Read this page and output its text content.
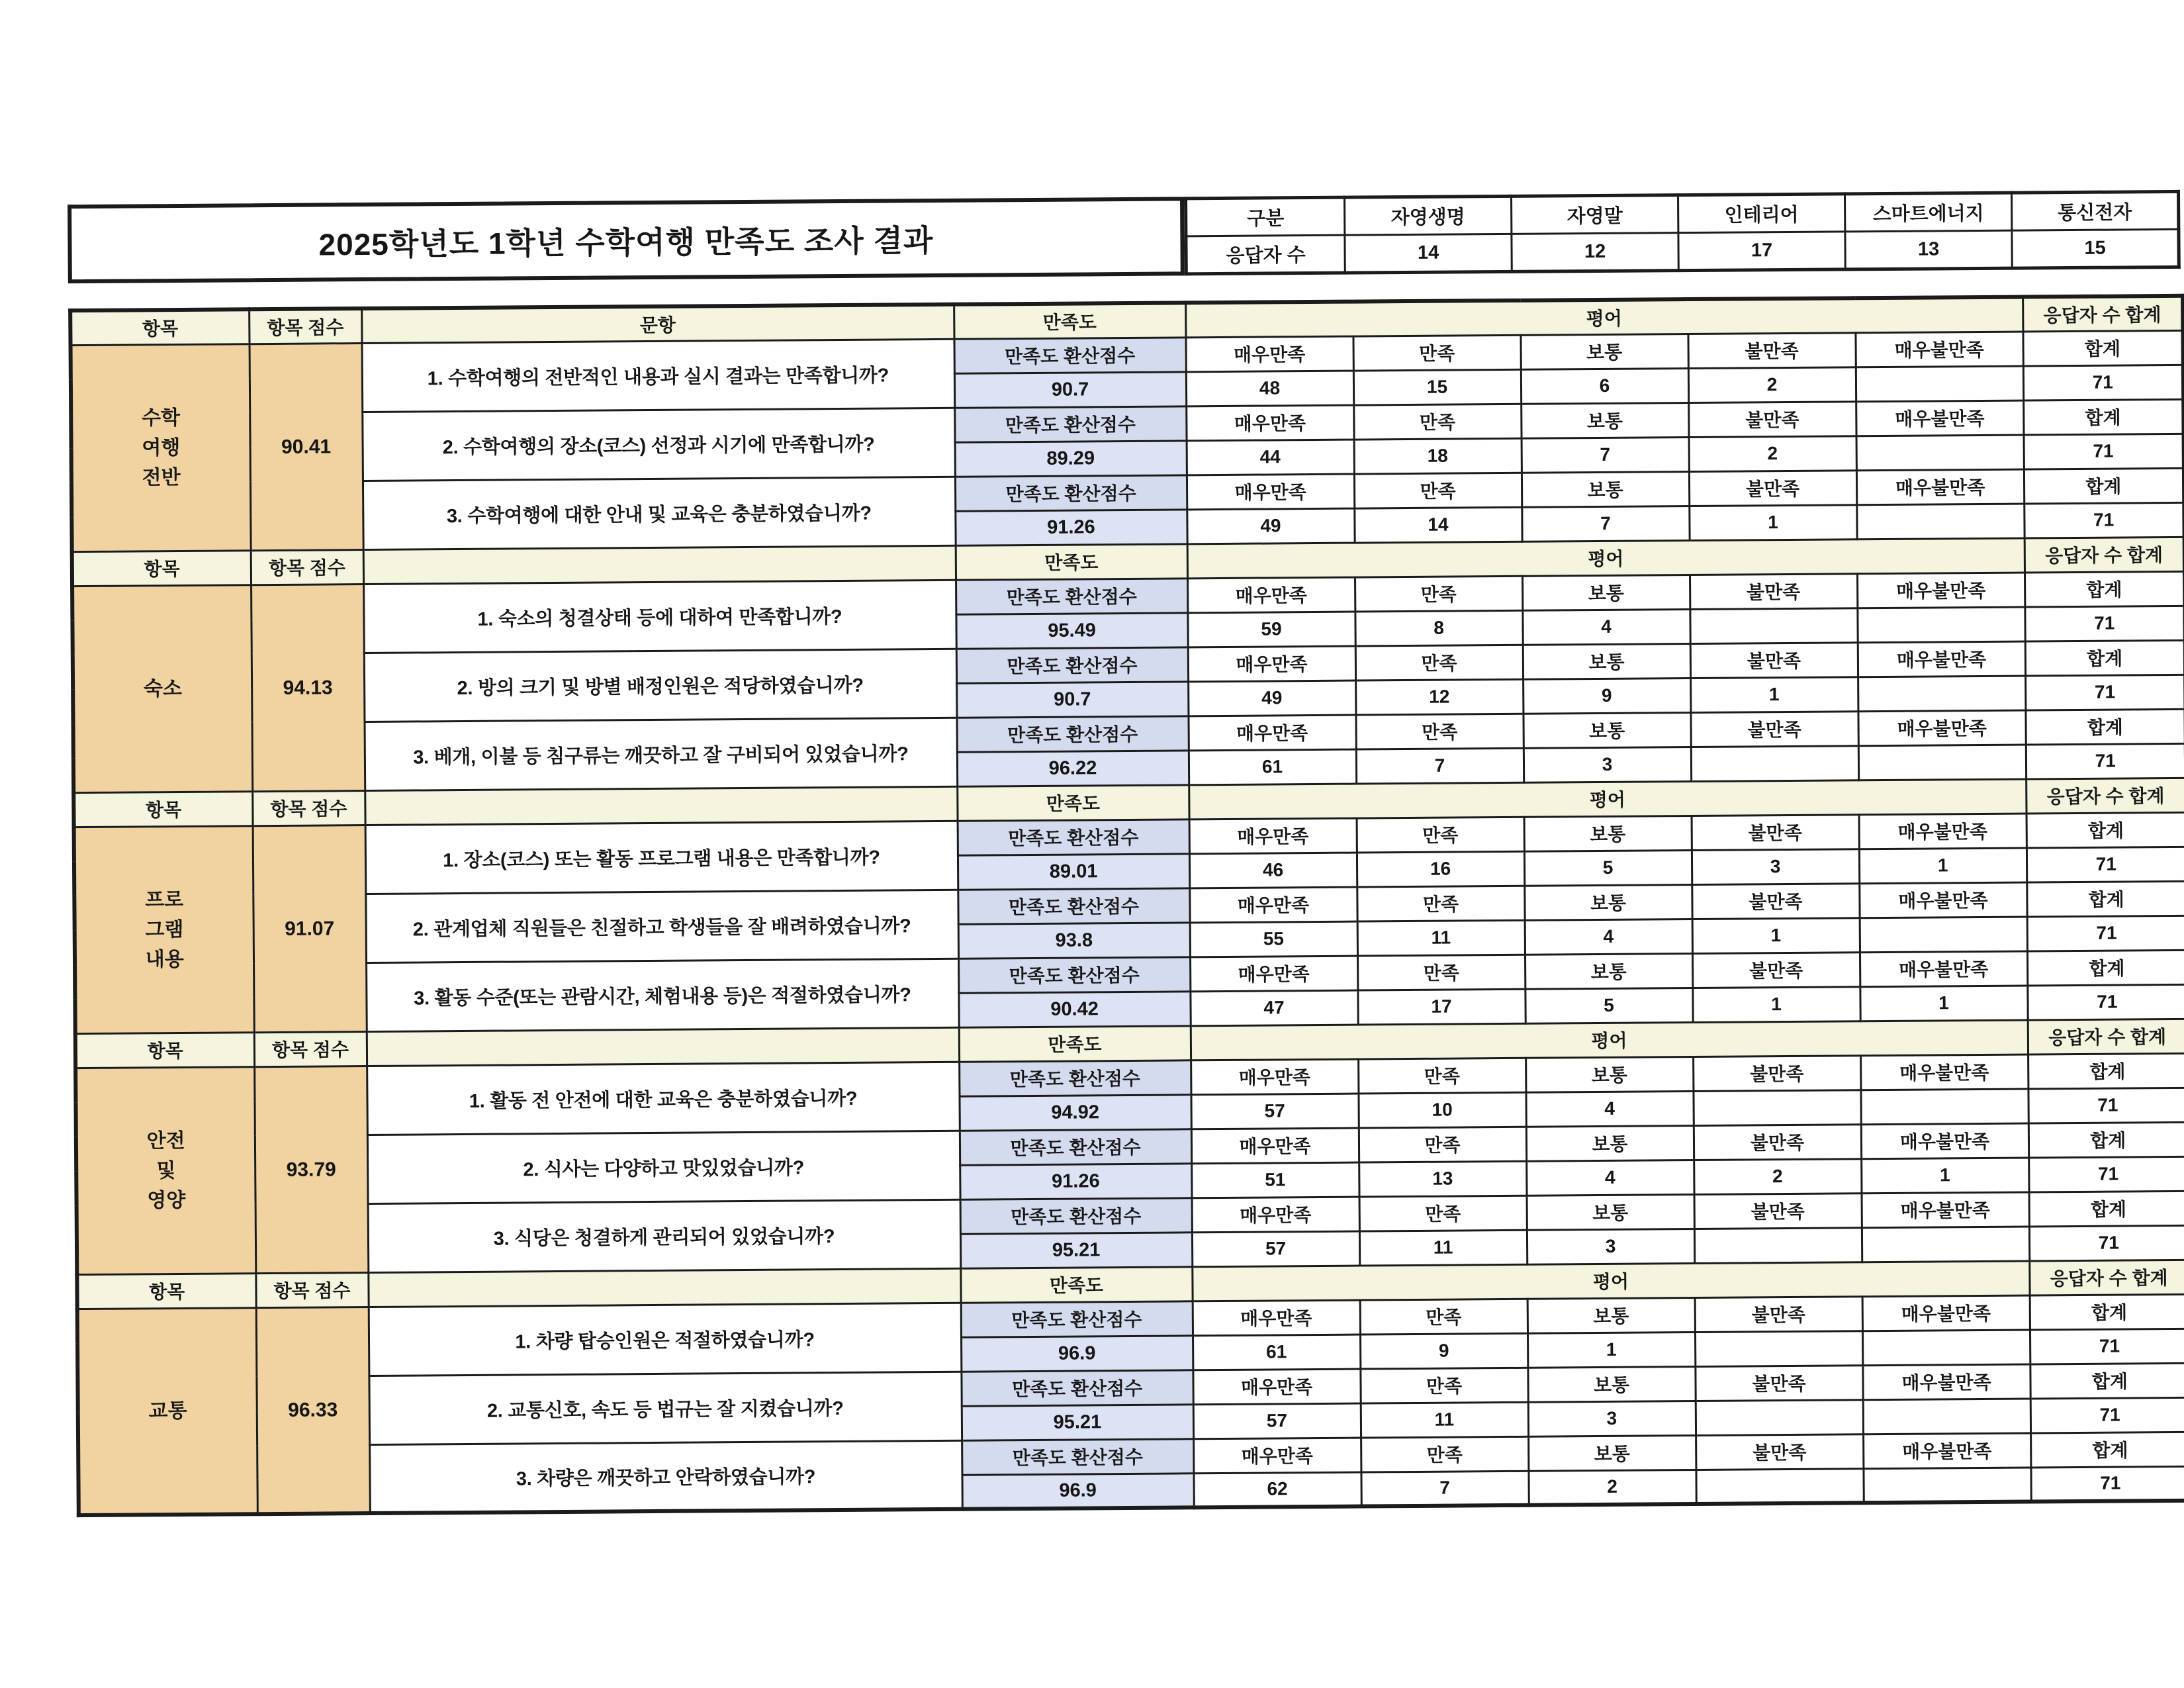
2025학년도 1학년 수학여행 만족도 조사 결과
구분	자영생명	자영말	인테리어	스마트에너지	통신전자
응답자 수	14	12	17	13	15
항목	항목 점수	문항	만족도	평어					응답자 수 합계
수학
여행
전반	90.41	1. 수학여행의 전반적인 내용과 실시 결과는 만족합니까?	만족도 환산점수	매우만족	만족	보통	불만족	매우불만족	합계
			90.7	48	15	6	2		71
		2. 수학여행의 장소(코스) 선정과 시기에 만족합니까?	만족도 환산점수	매우만족	만족	보통	불만족	매우불만족	합계
			89.29	44	18	7	2		71
		3. 수학여행에 대한 안내 및 교육은 충분하였습니까?	만족도 환산점수	매우만족	만족	보통	불만족	매우불만족	합계
			91.26	49	14	7	1		71
항목	항목 점수		만족도	평어					응답자 수 합계
숙소	94.13	1. 숙소의 청결상태 등에 대하여 만족합니까?	만족도 환산점수	매우만족	만족	보통	불만족	매우불만족	합계
			95.49	59	8	4			71
		2. 방의 크기 및 방별 배정인원은 적당하였습니까?	만족도 환산점수	매우만족	만족	보통	불만족	매우불만족	합계
			90.7	49	12	9	1		71
		3. 베개, 이불 등 침구류는 깨끗하고 잘 구비되어 있었습니까?	만족도 환산점수	매우만족	만족	보통	불만족	매우불만족	합계
			96.22	61	7	3			71
항목	항목 점수		만족도	평어					응답자 수 합계
프로
그램
내용	91.07	1. 장소(코스) 또는 활동 프로그램 내용은 만족합니까?	만족도 환산점수	매우만족	만족	보통	불만족	매우불만족	합계
			89.01	46	16	5	3	1	71
		2. 관계업체 직원들은 친절하고 학생들을 잘 배려하였습니까?	만족도 환산점수	매우만족	만족	보통	불만족	매우불만족	합계
			93.8	55	11	4	1		71
		3. 활동 수준(또는 관람시간, 체험내용 등)은 적절하였습니까?	만족도 환산점수	매우만족	만족	보통	불만족	매우불만족	합계
			90.42	47	17	5	1	1	71
항목	항목 점수		만족도	평어					응답자 수 합계
안전
및
영양	93.79	1. 활동 전 안전에 대한 교육은 충분하였습니까?	만족도 환산점수	매우만족	만족	보통	불만족	매우불만족	합계
			94.92	57	10	4			71
		2. 식사는 다양하고 맛있었습니까?	만족도 환산점수	매우만족	만족	보통	불만족	매우불만족	합계
			91.26	51	13	4	2	1	71
		3. 식당은 청결하게 관리되어 있었습니까?	만족도 환산점수	매우만족	만족	보통	불만족	매우불만족	합계
			95.21	57	11	3			71
항목	항목 점수		만족도	평어					응답자 수 합계
교통	96.33	1. 차량 탑승인원은 적절하였습니까?	만족도 환산점수	매우만족	만족	보통	불만족	매우불만족	합계
			96.9	61	9	1			71
		2. 교통신호, 속도 등 법규는 잘 지켰습니까?	만족도 환산점수	매우만족	만족	보통	불만족	매우불만족	합계
			95.21	57	11	3			71
		3. 차량은 깨끗하고 안락하였습니까?	만족도 환산점수	매우만족	만족	보통	불만족	매우불만족	합계
			96.9	62	7	2			71
